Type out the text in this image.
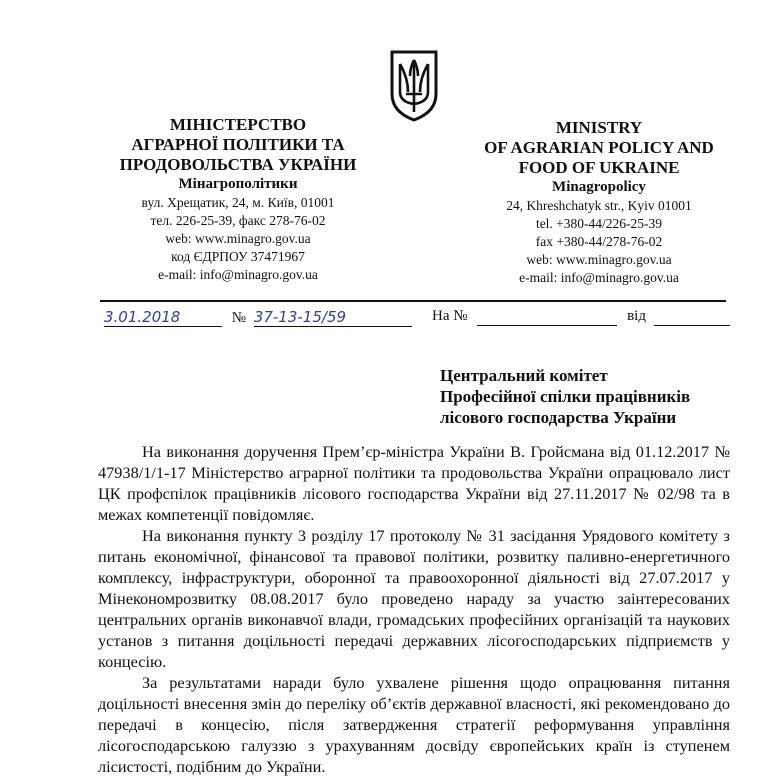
МІНІСТЕРСТВО
АГРАРНОЇ ПОЛІТИКИ ТА
ПРОДОВОЛЬСТВА УКРАЇНИ
Мінагрополітики
вул. Хрещатик, 24, м. Київ, 01001
тел. 226-25-39, факс 278-76-02
web: www.minagro.gov.ua
код ЄДРПОУ 37471967
e-mail: info@minagro.gov.ua
MINISTRY
OF AGRARIAN POLICY AND
FOOD OF UKRAINE
Minagropolicy
24, Khreshchatyk str., Kyiv 01001
tel. +380-44/226-25-39
fax +380-44/278-76-02
web: www.minagro.gov.ua
e-mail: info@minagro.gov.ua
3.01.2018	№ 37-13-15/59	На №	від
Центральний комітет
Професійної спілки працівників
лісового господарства України

На виконання доручення Прем’єр-міністра України В. Гройсмана від 01.12.2017 № 47938/1/1-17 Міністерство аграрної політики та продовольства України опрацювало лист ЦК профспілок працівників лісового господарства України від 27.11.2017 № 02/98 та в межах компетенції повідомляє.

На виконання пункту 3 розділу 17 протоколу № 31 засідання Урядового комітету з питань економічної, фінансової та правової політики, розвитку паливно-енергетичного комплексу, інфраструктури, оборонної та правоохоронної діяльності від 27.07.2017 у Мінекономрозвитку 08.08.2017 було проведено нараду за участю заінтересованих центральних органів виконавчої влади, громадських професійних організацій та наукових установ з питання доцільності передачі державних лісогосподарських підприємств у концесію.

За результатами наради було ухвалене рішення щодо опрацювання питання доцільності внесення змін до переліку об’єктів державної власності, які рекомендовано до передачі в концесію, після затвердження стратегії реформування управління лісогосподарською галуззю з урахуванням досвіду європейських країн із ступенем лісистості, подібним до України.
